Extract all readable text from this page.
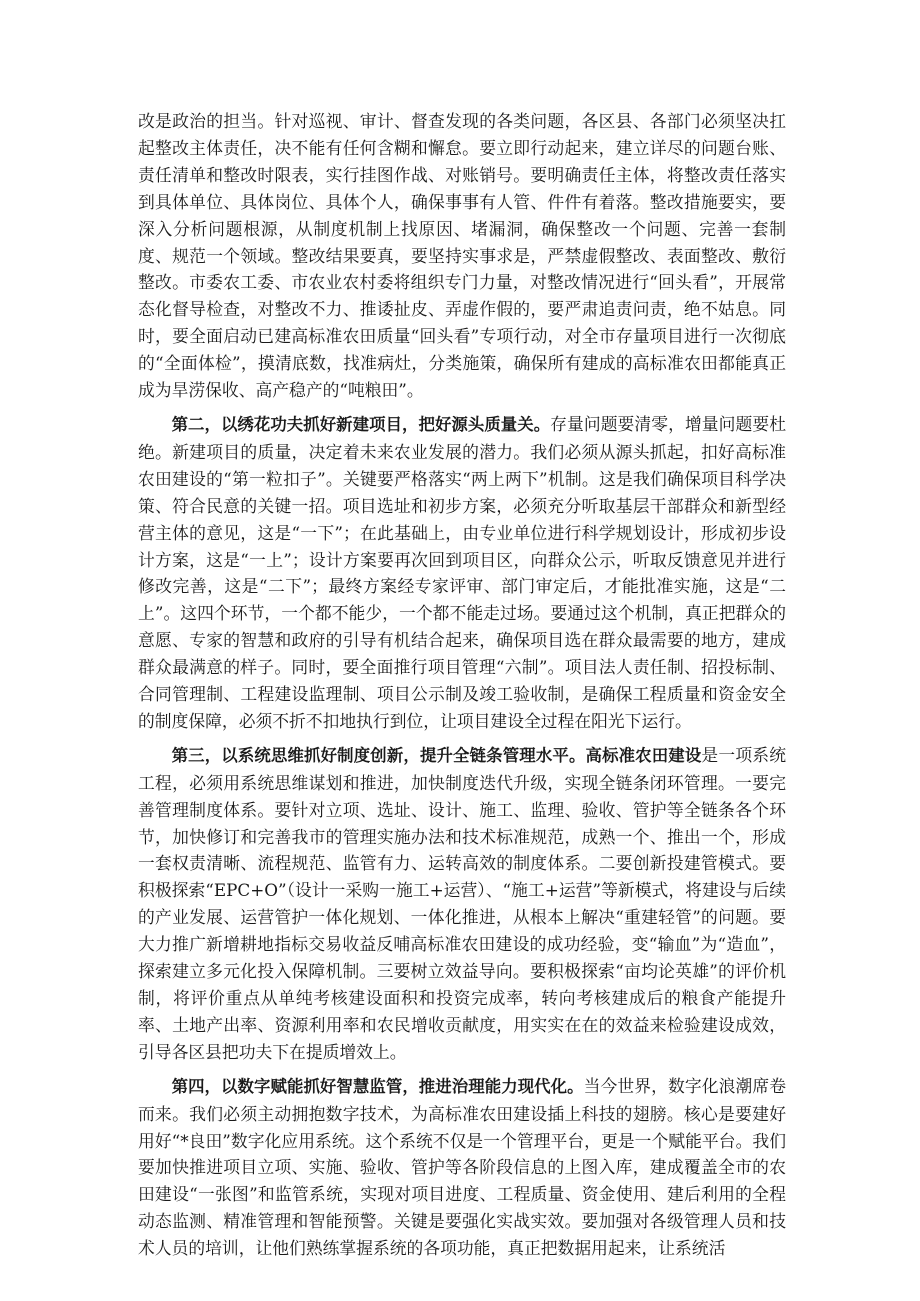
改是政治的担当。针对巡视、审计、督查发现的各类问题，各区县、各部门必须坚决扛起整改主体责任，决不能有任何含糊和懈怠。要立即行动起来，建立详尽的问题台账、责任清单和整改时限表，实行挂图作战、对账销号。要明确责任主体，将整改责任落实到具体单位、具体岗位、具体个人，确保事事有人管、件件有着落。整改措施要实，要深入分析问题根源，从制度机制上找原因、堵漏洞，确保整改一个问题、完善一套制度、规范一个领域。整改结果要真，要坚持实事求是，严禁虚假整改、表面整改、敷衍整改。市委农工委、市农业农村委将组织专门力量，对整改情况进行“回头看”，开展常态化督导检查，对整改不力、推诿扯皮、弄虚作假的，要严肃追责问责，绝不姑息。同时，要全面启动已建高标准农田质量“回头看”专项行动，对全市存量项目进行一次彻底的“全面体检”，摸清底数，找准病灶，分类施策，确保所有建成的高标准农田都能真正成为旱涝保收、高产稳产的“吨粮田”。

第二，以绣花功夫抓好新建项目，把好源头质量关。存量问题要清零，增量问题要杜绝。新建项目的质量，决定着未来农业发展的潜力。我们必须从源头抓起，扣好高标准农田建设的“第一粒扣子”。关键要严格落实“两上两下”机制。这是我们确保项目科学决策、符合民意的关键一招。项目选址和初步方案，必须充分听取基层干部群众和新型经营主体的意见，这是“一下”；在此基础上，由专业单位进行科学规划设计，形成初步设计方案，这是“一上”；设计方案要再次回到项目区，向群众公示，听取反馈意见并进行修改完善，这是“二下”；最终方案经专家评审、部门审定后，才能批准实施，这是“二上”。这四个环节，一个都不能少，一个都不能走过场。要通过这个机制，真正把群众的意愿、专家的智慧和政府的引导有机结合起来，确保项目选在群众最需要的地方，建成群众最满意的样子。同时，要全面推行项目管理“六制”。项目法人责任制、招投标制、合同管理制、工程建设监理制、项目公示制及竣工验收制，是确保工程质量和资金安全的制度保障，必须不折不扣地执行到位，让项目建设全过程在阳光下运行。

第三，以系统思维抓好制度创新，提升全链条管理水平。高标准农田建设是一项系统工程，必须用系统思维谋划和推进，加快制度迭代升级，实现全链条闭环管理。一要完善管理制度体系。要针对立项、选址、设计、施工、监理、验收、管护等全链条各个环节，加快修订和完善我市的管理实施办法和技术标准规范，成熟一个、推出一个，形成一套权责清晰、流程规范、监管有力、运转高效的制度体系。二要创新投建管模式。要积极探索“EPC+O”（设计一采购一施工+运营）、“施工+运营”等新模式，将建设与后续的产业发展、运营管护一体化规划、一体化推进，从根本上解决“重建轻管”的问题。要大力推广新增耕地指标交易收益反哺高标准农田建设的成功经验，变“输血”为“造血”，探索建立多元化投入保障机制。三要树立效益导向。要积极探索“亩均论英雄”的评价机制，将评价重点从单纯考核建设面积和投资完成率，转向考核建成后的粮食产能提升率、土地产出率、资源利用率和农民增收贡献度，用实实在在的效益来检验建设成效，引导各区县把功夫下在提质增效上。

第四，以数字赋能抓好智慧监管，推进治理能力现代化。当今世界，数字化浪潮席卷而来。我们必须主动拥抱数字技术，为高标准农田建设插上科技的翅膀。核心是要建好用好“*良田”数字化应用系统。这个系统不仅是一个管理平台，更是一个赋能平台。我们要加快推进项目立项、实施、验收、管护等各阶段信息的上图入库，建成覆盖全市的农田建设“一张图”和监管系统，实现对项目进度、工程质量、资金使用、建后利用的全程动态监测、精准管理和智能预警。关键是要强化实战实效。要加强对各级管理人员和技术人员的培训，让他们熟练掌握系统的各项功能，真正把数据用起来，让系统活
